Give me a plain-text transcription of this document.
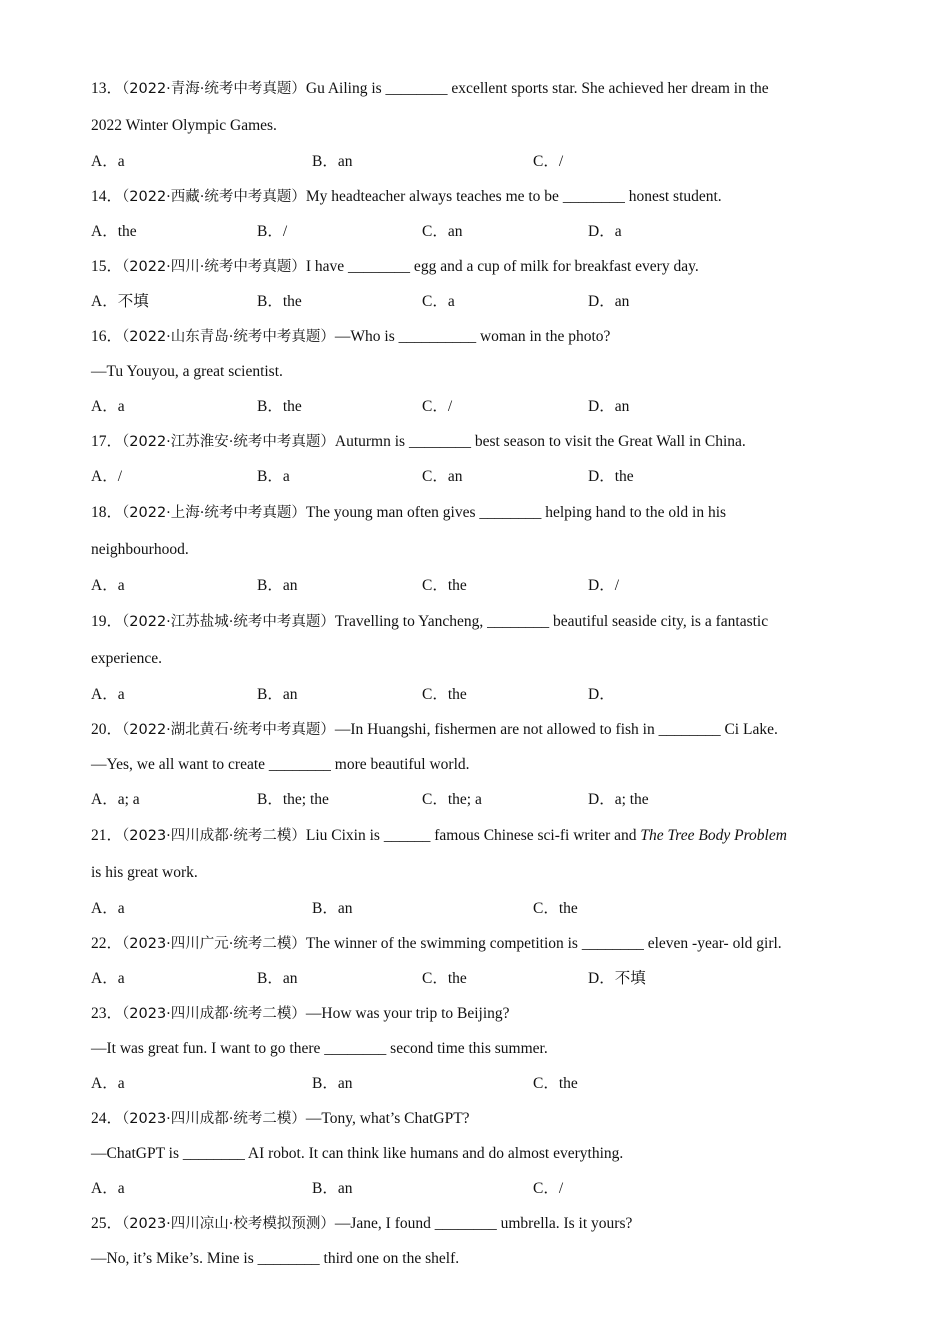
13．（2022·青海·统考中考真题）Gu Ailing is ________ excellent sports star. She achieved her dream in the
2022 Winter Olympic Games.
A．a	B．an	C．/
14．（2022·西藏·统考中考真题）My headteacher always teaches me to be ________ honest student.
A．the	B．/	C．an	D．a
15．（2022·四川·统考中考真题）I have ________ egg and a cup of milk for breakfast every day.
A．不填	B．the	C．a	D．an
16．（2022·山东青岛·统考中考真题）—Who is __________ woman in the photo?
—Tu Youyou, a great scientist.
A．a	B．the	C．/	D．an
17．（2022·江苏淮安·统考中考真题）Auturmn is ________ best season to visit the Great Wall in China.
A．/	B．a	C．an	D．the
18．（2022·上海·统考中考真题）The young man often gives ________ helping hand to the old in his
neighbourhood.
A．a	B．an	C．the	D．/
19．（2022·江苏盐城·统考中考真题）Travelling to Yancheng, ________ beautiful seaside city, is a fantastic
experience.
A．a	B．an	C．the	D．
20．（2022·湖北黄石·统考中考真题）—In Huangshi, fishermen are not allowed to fish in ________ Ci Lake.
—Yes, we all want to create ________ more beautiful world.
A．a; a	B．the; the	C．the; a	D．a; the
21．（2023·四川成都·统考二模）Liu Cixin is ______ famous Chinese sci-fi writer and The Tree Body Problem
is his great work.
A．a	B．an	C．the
22．（2023·四川广元·统考二模）The winner of the swimming competition is ________ eleven -year- old girl.
A．a	B．an	C．the	D．不填
23．（2023·四川成都·统考二模）—How was your trip to Beijing?
—It was great fun. I want to go there ________ second time this summer.
A．a	B．an	C．the
24．（2023·四川成都·统考二模）—Tony, what’s ChatGPT?
—ChatGPT is ________ AI robot. It can think like humans and do almost everything.
A．a	B．an	C．/
25．（2023·四川凉山·校考模拟预测）—Jane, I found ________ umbrella. Is it yours?
—No, it’s Mike’s. Mine is ________ third one on the shelf.
